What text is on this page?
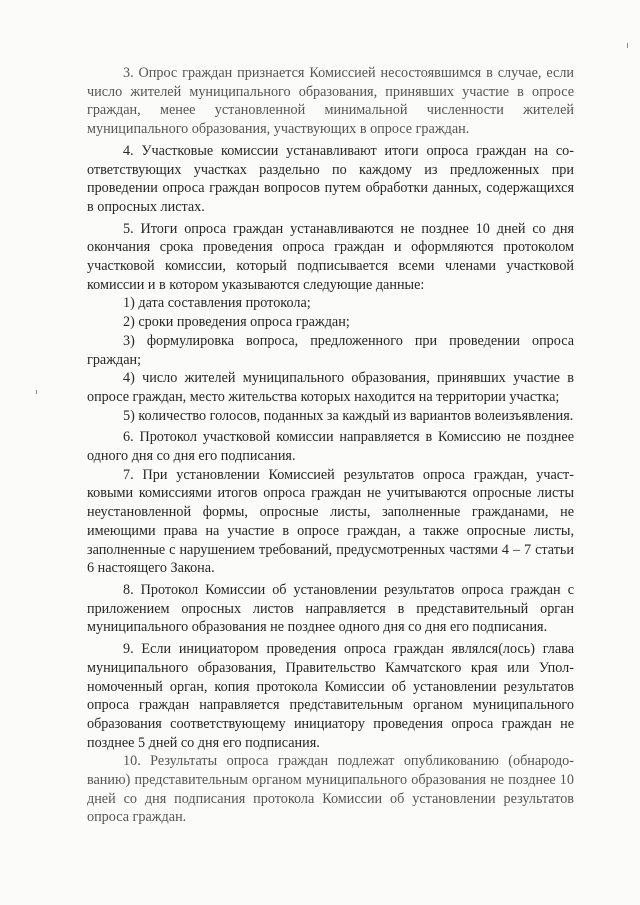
3. Опрос граждан признается Комиссией несостоявшимся в случае, если число жителей муниципального образования, принявших участие в опросе граждан, менее установленной минимальной численности жителей муниципального образования, участвующих в опросе граждан.

4. Участковые комиссии устанавливают итоги опроса граждан на соответствующих участках раздельно по каждому из предложенных при проведении опроса граждан вопросов путем обработки данных, содержащихся в опросных листах.

5. Итоги опроса граждан устанавливаются не позднее 10 дней со дня окончания срока проведения опроса граждан и оформляются протоколом участковой комиссии, который подписывается всеми членами участковой комиссии и в котором указываются следующие данные:

1) дата составления протокола;

2) сроки проведения опроса граждан;

3) формулировка вопроса, предложенного при проведении опроса граждан;

4) число жителей муниципального образования, принявших участие в опросе граждан, место жительства которых находится на территории участка;

5) количество голосов, поданных за каждый из вариантов волеизъявления.

6. Протокол участковой комиссии направляется в Комиссию не позднее одного дня со дня его подписания.

7. При установлении Комиссией результатов опроса граждан, участковыми комиссиями итогов опроса граждан не учитываются опросные листы неустановленной формы, опросные листы, заполненные гражданами, не имеющими права на участие в опросе граждан, а также опросные листы, заполненные с нарушением требований, предусмотренных частями 4 – 7 статьи 6 настоящего Закона.

8. Протокол Комиссии об установлении результатов опроса граждан с приложением опросных листов направляется в представительный орган муниципального образования не позднее одного дня со дня его подписания.

9. Если инициатором проведения опроса граждан являлся(лось) глава муниципального образования, Правительство Камчатского края или Уполномоченный орган, копия протокола Комиссии об установлении результатов опроса граждан направляется представительным органом муниципального образования соответствующему инициатору проведения опроса граждан не позднее 5 дней со дня его подписания.

10. Результаты опроса граждан подлежат опубликованию (обнародованию) представительным органом муниципального образования не позднее 10 дней со дня подписания протокола Комиссии об установлении результатов опроса граждан.
